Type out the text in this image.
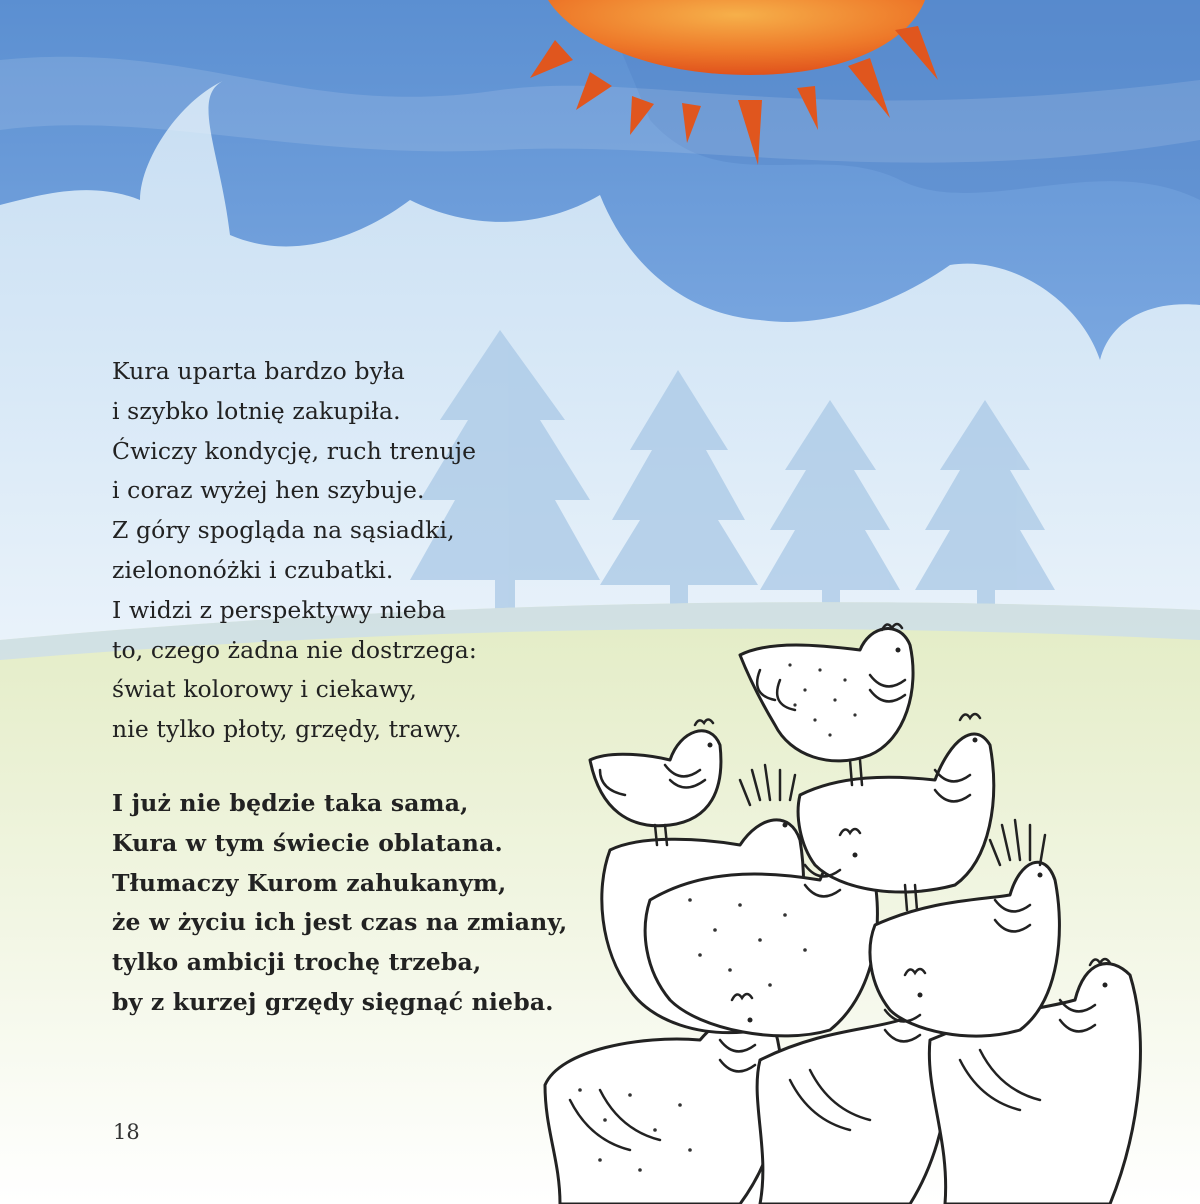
Kura uparta bardzo była
i szybko lotnię zakupiła.
Ćwiczy kondycję, ruch trenuje
i coraz wyżej hen szybuje.
Z góry spogląda na sąsiadki,
zielononóżki i czubatki.
I widzi z perspektywy nieba
to, czego żadna nie dostrzega:
świat kolorowy i ciekawy,
nie tylko płoty, grzędy, trawy.
I już nie będzie taka sama,
Kura w tym świecie oblatana.
Tłumaczy Kurom zahukanym,
że w życiu ich jest czas na zmiany,
tylko ambicji trochę trzeba,
by z kurzej grzędy sięgnąć nieba.
18
